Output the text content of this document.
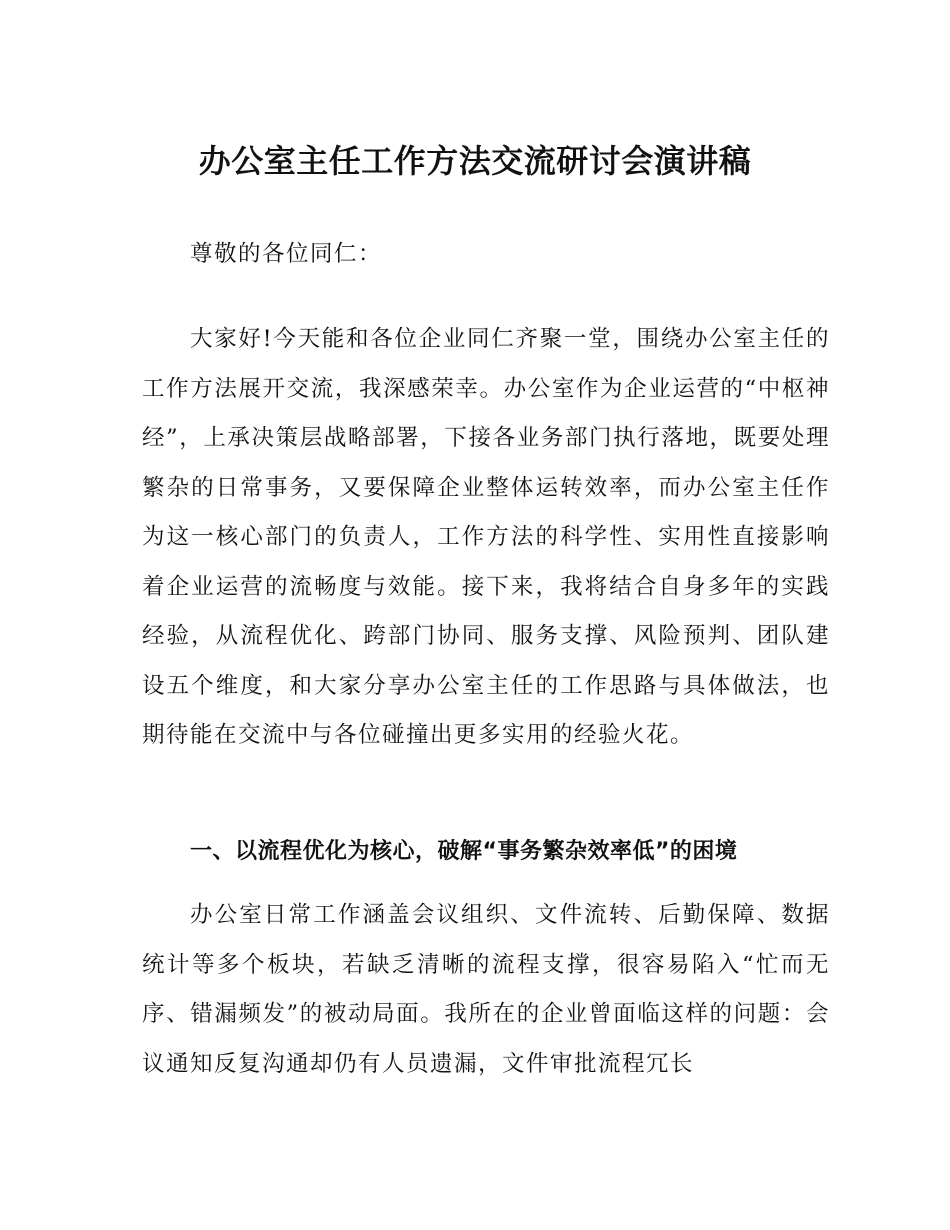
办公室主任工作方法交流研讨会演讲稿

尊敬的各位同仁：

大家好!今天能和各位企业同仁齐聚一堂，围绕办公室主任的工作方法展开交流，我深感荣幸。办公室作为企业运营的“中枢神经”，上承决策层战略部署，下接各业务部门执行落地，既要处理繁杂的日常事务，又要保障企业整体运转效率，而办公室主任作为这一核心部门的负责人，工作方法的科学性、实用性直接影响着企业运营的流畅度与效能。接下来，我将结合自身多年的实践经验，从流程优化、跨部门协同、服务支撑、风险预判、团队建设五个维度，和大家分享办公室主任的工作思路与具体做法，也期待能在交流中与各位碰撞出更多实用的经验火花。

一、以流程优化为核心，破解“事务繁杂效率低”的困境

办公室日常工作涵盖会议组织、文件流转、后勤保障、数据统计等多个板块，若缺乏清晰的流程支撑，很容易陷入“忙而无序、错漏频发”的被动局面。我所在的企业曾面临这样的问题：会议通知反复沟通却仍有人员遗漏，文件审批流程冗长
